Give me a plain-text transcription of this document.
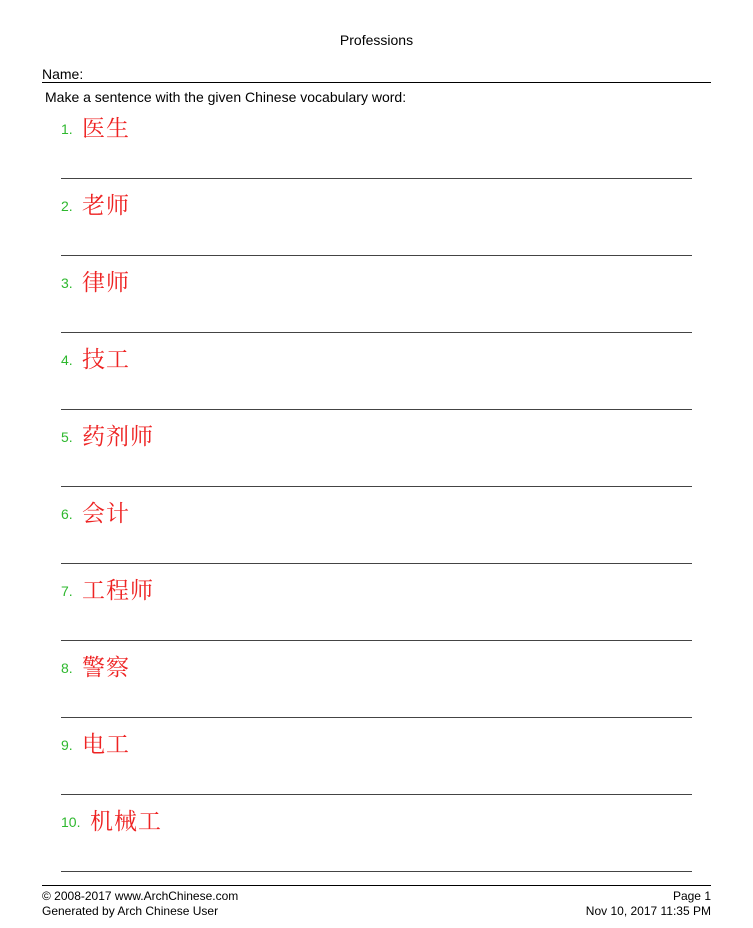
Professions
Name:
Make a sentence with the given Chinese vocabulary word:
1. 医生
2. 老师
3. 律师
4. 技工
5. 药剂师
6. 会计
7. 工程师
8. 警察
9. 电工
10. 机械工
© 2008-2017 www.ArchChinese.com
Generated by Arch Chinese User
Page 1
Nov 10, 2017 11:35 PM
